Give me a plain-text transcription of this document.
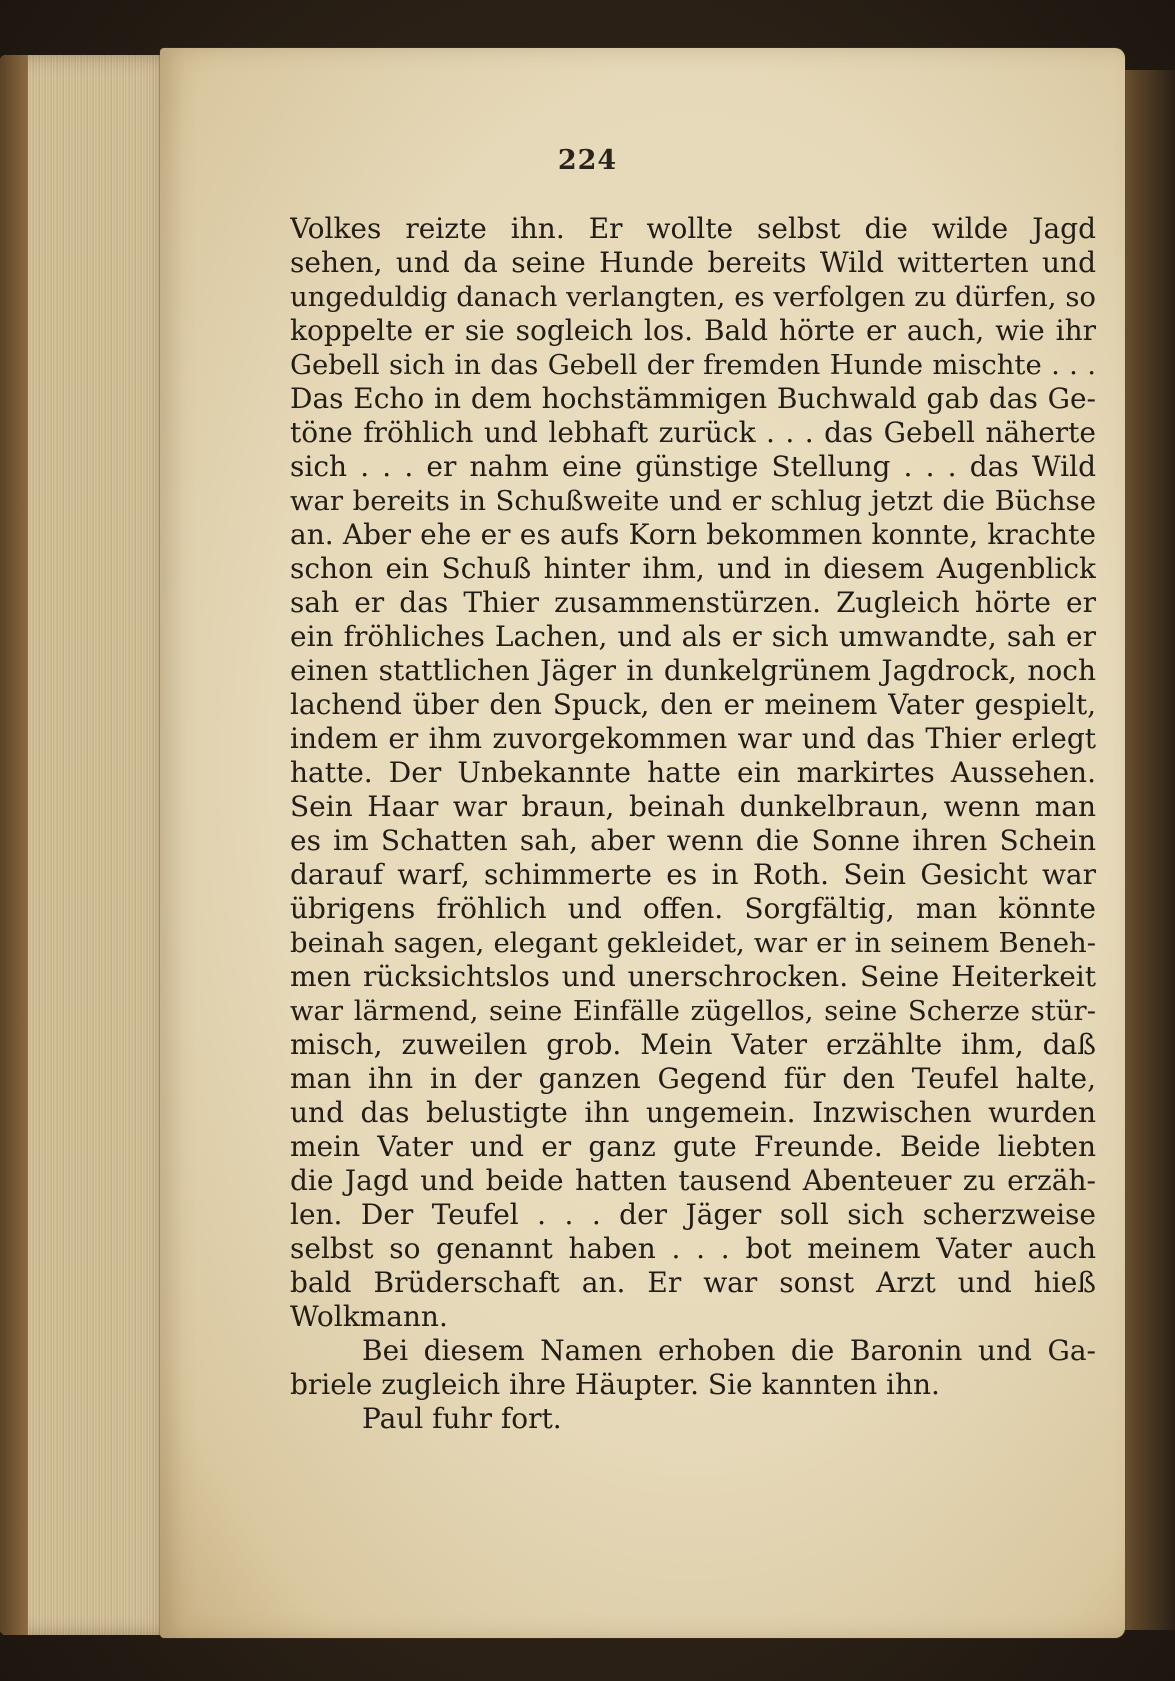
224
Volkes reizte ihn. Er wollte selbst die wilde Jagd
sehen, und da seine Hunde bereits Wild witterten und
ungeduldig danach verlangten, es verfolgen zu dürfen, so
koppelte er sie sogleich los. Bald hörte er auch, wie ihr
Gebell sich in das Gebell der fremden Hunde mischte . . .
Das Echo in dem hochstämmigen Buchwald gab das Ge-
töne fröhlich und lebhaft zurück . . . das Gebell näherte
sich . . . er nahm eine günstige Stellung . . . das Wild
war bereits in Schußweite und er schlug jetzt die Büchse
an. Aber ehe er es aufs Korn bekommen konnte, krachte
schon ein Schuß hinter ihm, und in diesem Augenblick
sah er das Thier zusammenstürzen. Zugleich hörte er
ein fröhliches Lachen, und als er sich umwandte, sah er
einen stattlichen Jäger in dunkelgrünem Jagdrock, noch
lachend über den Spuck, den er meinem Vater gespielt,
indem er ihm zuvorgekommen war und das Thier erlegt
hatte. Der Unbekannte hatte ein markirtes Aussehen.
Sein Haar war braun, beinah dunkelbraun, wenn man
es im Schatten sah, aber wenn die Sonne ihren Schein
darauf warf, schimmerte es in Roth. Sein Gesicht war
übrigens fröhlich und offen. Sorgfältig, man könnte
beinah sagen, elegant gekleidet, war er in seinem Beneh-
men rücksichtslos und unerschrocken. Seine Heiterkeit
war lärmend, seine Einfälle zügellos, seine Scherze stür-
misch, zuweilen grob. Mein Vater erzählte ihm, daß
man ihn in der ganzen Gegend für den Teufel halte,
und das belustigte ihn ungemein. Inzwischen wurden
mein Vater und er ganz gute Freunde. Beide liebten
die Jagd und beide hatten tausend Abenteuer zu erzäh-
len. Der Teufel . . . der Jäger soll sich scherzweise
selbst so genannt haben . . . bot meinem Vater auch
bald Brüderschaft an. Er war sonst Arzt und hieß
Wolkmann.
Bei diesem Namen erhoben die Baronin und Ga-
briele zugleich ihre Häupter. Sie kannten ihn.
Paul fuhr fort.
